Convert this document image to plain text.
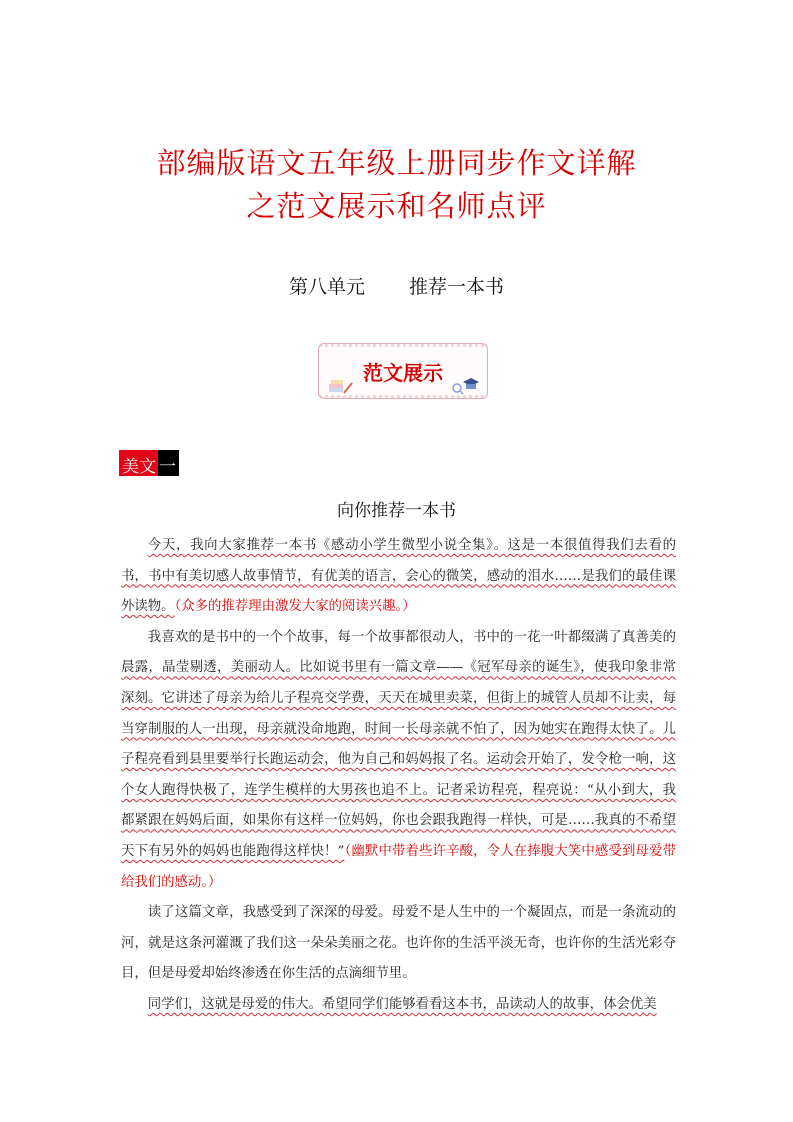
部编版语文五年级上册同步作文详解
之范文展示和名师点评
第八单元 推荐一本书
范文展示
美文 一
向你推荐一本书

今天，我向大家推荐一本书《感动小学生微型小说全集》。这是一本很值得我们去看的书，书中有美切感人故事情节，有优美的语言，会心的微笑，感动的泪水……是我们的最佳课外读物。（众多的推荐理由激发大家的阅读兴趣。）

我喜欢的是书中的一个个故事，每一个故事都很动人，书中的一花一叶都缀满了真善美的晨露，晶莹剔透，美丽动人。比如说书里有一篇文章——《冠军母亲的诞生》，使我印象非常深刻。它讲述了母亲为给儿子程亮交学费，天天在城里卖菜，但街上的城管人员却不让卖，每当穿制服的人一出现，母亲就没命地跑，时间一长母亲就不怕了，因为她实在跑得太快了。儿子程亮看到县里要举行长跑运动会，他为自己和妈妈报了名。运动会开始了，发令枪一响，这个女人跑得快极了，连学生模样的大男孩也追不上。记者采访程亮，程亮说：“从小到大，我都紧跟在妈妈后面，如果你有这样一位妈妈，你也会跟我跑得一样快，可是……我真的不希望天下有另外的妈妈也能跑得这样快！”（幽默中带着些许辛酸，令人在捧腹大笑中感受到母爱带给我们的感动。）

读了这篇文章，我感受到了深深的母爱。母爱不是人生中的一个凝固点，而是一条流动的河，就是这条河灌溉了我们这一朵朵美丽之花。也许你的生活平淡无奇，也许你的生活光彩夺目，但是母爱却始终渗透在你生活的点滴细节里。

同学们，这就是母爱的伟大。希望同学们能够看看这本书，品读动人的故事，体会优美
